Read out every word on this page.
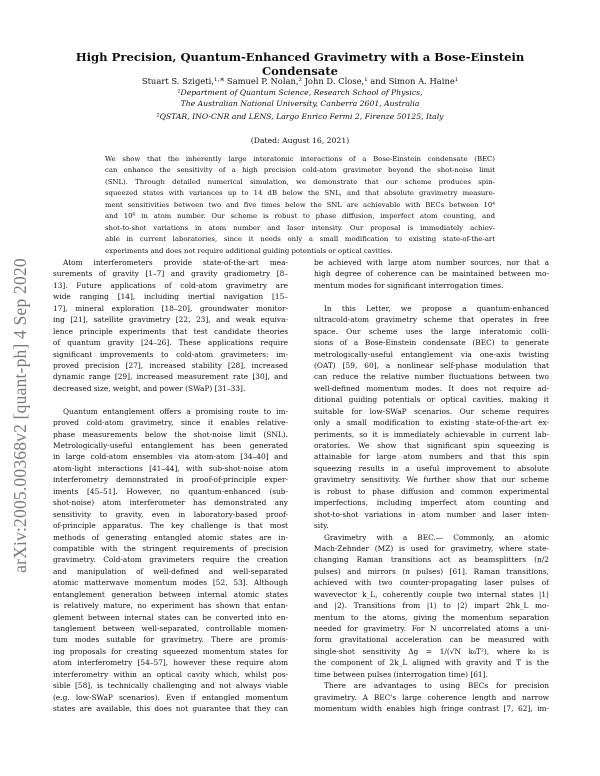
arXiv:2005.00368v2 [quant-ph] 4 Sep 2020
High Precision, Quantum-Enhanced Gravimetry with a Bose-Einstein Condensate
Stuart S. Szigeti,¹·* Samuel P. Nolan,² John D. Close,¹ and Simon A. Haine¹
¹Department of Quantum Science, Research School of Physics,
The Australian National University, Canberra 2601, Australia
²QSTAR, INO-CNR and LENS, Largo Enrico Fermi 2, Firenze 50125, Italy
(Dated: August 16, 2021)
We show that the inherently large interatomic interactions of a Bose-Einstein condensate (BEC)
can enhance the sensitivity of a high precision cold-atom gravimeter beyond the shot-noise limit
(SNL). Through detailed numerical simulation, we demonstrate that our scheme produces spin-
squeezed states with variances up to 14 dB below the SNL, and that absolute gravimetry measure-
ment sensitivities between two and five times below the SNL are achievable with BECs between 10⁴
and 10⁶ in atom number. Our scheme is robust to phase diffusion, imperfect atom counting, and
shot-to-shot variations in atom number and laser intensity. Our proposal is immediately achiev-
able in current laboratories, since it needs only a small modification to existing state-of-the-art
experiments and does not require additional guiding potentials or optical cavities.
Atom interferometers provide state-of-the-art mea-
surements of gravity [1–7] and gravity gradiometry [8–
13]. Future applications of cold-atom gravimetry are
wide ranging [14], including inertial navigation [15–
17], mineral exploration [18–20], groundwater monitor-
ing [21], satellite gravimetry [22, 23], and weak equiva-
lence principle experiments that test candidate theories
of quantum gravity [24–26]. These applications require
significant improvements to cold-atom gravimeters: im-
proved precision [27], increased stability [28], increased
dynamic range [29], increased measurement rate [30], and
decreased size, weight, and power (SWaP) [31–33].
Quantum entanglement offers a promising route to im-
proved cold-atom gravimetry, since it enables relative-
phase measurements below the shot-noise limit (SNL).
Metrologically-useful entanglement has been generated
in large cold-atom ensembles via atom-atom [34–40] and
atom-light interactions [41–44], with sub-shot-noise atom
interferometry demonstrated in proof-of-principle exper-
iments [45–51]. However, no quantum-enhanced (sub-
shot-noise) atom interferometer has demonstrated any
sensitivity to gravity, even in laboratory-based proof-
of-principle apparatus. The key challenge is that most
methods of generating entangled atomic states are in-
compatible with the stringent requirements of precision
gravimetry. Cold-atom gravimeters require the creation
and manipulation of well-defined and well-separated
atomic matterwave momentum modes [52, 53]. Although
entanglement generation between internal atomic states
is relatively mature, no experiment has shown that entan-
glement between internal states can be converted into en-
tanglement between well-separated, controllable momen-
tum modes suitable for gravimetry. There are promis-
ing proposals for creating squeezed momentum states for
atom interferometry [54–57], however these require atom
interferometry within an optical cavity which, whilst pos-
sible [58], is technically challenging and not always viable
(e.g. low-SWaP scenarios). Even if entangled momentum
states are available, this does not guarantee that they can
be achieved with large atom number sources, nor that a
high degree of coherence can be maintained between mo-
mentum modes for significant interrogation times.
In this Letter, we propose a quantum-enhanced
ultracold-atom gravimetry scheme that operates in free
space. Our scheme uses the large interatomic colli-
sions of a Bose-Einstein condensate (BEC) to generate
metrologically-useful entanglement via one-axis twisting
(OAT) [59, 60], a nonlinear self-phase modulation that
can reduce the relative number fluctuations between two
well-defined momentum modes. It does not require ad-
ditional guiding potentials or optical cavities, making it
suitable for low-SWaP scenarios. Our scheme requires
only a small modification to existing state-of-the-art ex-
periments, so it is immediately achievable in current lab-
oratories. We show that significant spin squeezing is
attainable for large atom numbers and that this spin
squeezing results in a useful improvement to absolute
gravimetry sensitivity. We further show that our scheme
is robust to phase diffusion and common experimental
imperfections, including imperfect atom counting and
shot-to-shot variations in atom number and laser inten-
sity.
Gravimetry with a BEC.— Commonly, an atomic
Mach-Zehnder (MZ) is used for gravimetry, where state-
changing Raman transitions act as beamsplitters (π/2
pulses) and mirrors (π pulses) [61]. Raman transitions,
achieved with two counter-propagating laser pulses of
wavevector k_L, coherently couple two internal states |1⟩
and |2⟩. Transitions from |1⟩ to |2⟩ impart 2ħk_L mo-
mentum to the atoms, giving the momentum separation
needed for gravimetry. For N uncorrelated atoms a uni-
form gravitational acceleration can be measured with
single-shot sensitivity Δg = 1/(√N k₀T²), where k₀ is
the component of 2k_L aligned with gravity and T is the
time between pulses (interrogation time) [61].
There are advantages to using BECs for precision
gravimetry. A BEC's large coherence length and narrow
momentum width enables high fringe contrast [7, 62], im-
